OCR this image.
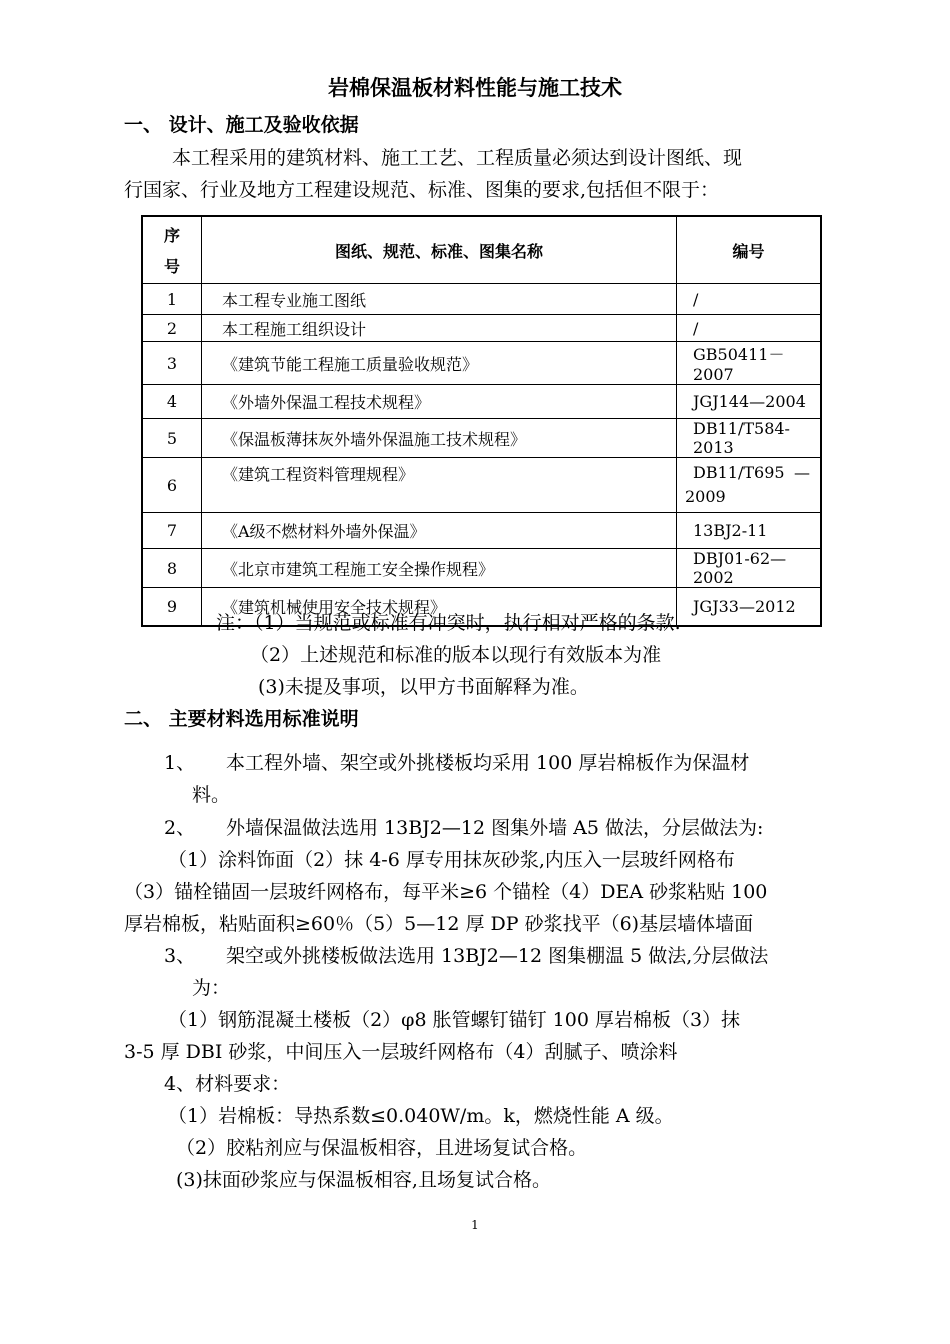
岩棉保温板材料性能与施工技术
一、 设计、施工及验收依据
本工程采用的建筑材料、施工工艺、工程质量必须达到设计图纸、现
行国家、行业及地方工程建设规范、标准、图集的要求,包括但不限于：
序
号	图纸、规范、标准、图集名称	编号
1	本工程专业施工图纸	/
2	本工程施工组织设计	/
3	《建筑节能工程施工质量验收规范》	GB50411－2007
4	《外墙外保温工程技术规程》	JGJ144—2004
5	《保温板薄抹灰外墙外保温施工技术规程》	DB11/T584-2013
6	《建筑工程资料管理规程》	DB11/T695 —
2009

7	《A级不燃材料外墙外保温》	13BJ2-11
8	《北京市建筑工程施工安全操作规程》	DBJ01-62—2002
9	《建筑机械使用安全技术规程》	JGJ33—2012
注：（1）当规范或标准有冲突时，执行相对严格的条款.
（2）上述规范和标准的版本以现行有效版本为准
(3)未提及事项，以甲方书面解释为准。
二、 主要材料选用标准说明
1、 本工程外墙、架空或外挑楼板均采用 100 厚岩棉板作为保温材
料。
2、 外墙保温做法选用 13BJ2—12 图集外墙 A5 做法，分层做法为:
（1）涂料饰面（2）抹 4-6 厚专用抹灰砂浆,内压入一层玻纤网格布
（3）锚栓锚固一层玻纤网格布，每平米≥6 个锚栓（4）DEA 砂浆粘贴 100
厚岩棉板，粘贴面积≥60％（5）5—12 厚 DP 砂浆找平（6)基层墙体墙面
3、 架空或外挑楼板做法选用 13BJ2—12 图集棚温 5 做法,分层做法
为：
（1）钢筋混凝土楼板（2）φ8 胀管螺钉锚钉 100 厚岩棉板（3）抹
3-5 厚 DBI 砂浆，中间压入一层玻纤网格布（4）刮腻子、喷涂料
4、材料要求：
（1）岩棉板：导热系数≤0.040W/m。k，燃烧性能 A 级。
（2）胶粘剂应与保温板相容，且进场复试合格。
(3)抹面砂浆应与保温板相容,且场复试合格。
1
